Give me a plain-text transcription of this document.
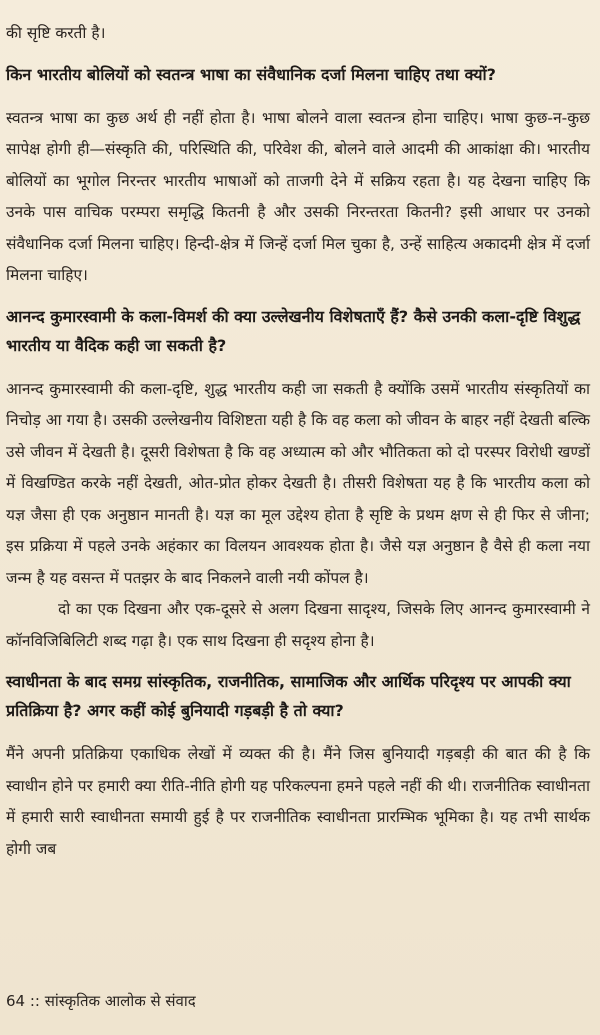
की सृष्टि करती है।

किन भारतीय बोलियों को स्वतन्त्र भाषा का संवैधानिक दर्जा मिलना चाहिए तथा क्यों?

स्वतन्त्र भाषा का कुछ अर्थ ही नहीं होता है। भाषा बोलने वाला स्वतन्त्र होना चाहिए। भाषा कुछ-न-कुछ सापेक्ष होगी ही—संस्कृति की, परिस्थिति की, परिवेश की, बोलने वाले आदमी की आकांक्षा की। भारतीय बोलियों का भूगोल निरन्तर भारतीय भाषाओं को ताजगी देने में सक्रिय रहता है। यह देखना चाहिए कि उनके पास वाचिक परम्परा समृद्धि कितनी है और उसकी निरन्तरता कितनी? इसी आधार पर उनको संवैधानिक दर्जा मिलना चाहिए। हिन्दी-क्षेत्र में जिन्हें दर्जा मिल चुका है, उन्हें साहित्य अकादमी क्षेत्र में दर्जा मिलना चाहिए।

आनन्द कुमारस्वामी के कला-विमर्श की क्या उल्लेखनीय विशेषताएँ हैं? कैसे उनकी कला-दृष्टि विशुद्ध भारतीय या वैदिक कही जा सकती है?

आनन्द कुमारस्वामी की कला-दृष्टि, शुद्ध भारतीय कही जा सकती है क्योंकि उसमें भारतीय संस्कृतियों का निचोड़ आ गया है। उसकी उल्लेखनीय विशिष्टता यही है कि वह कला को जीवन के बाहर नहीं देखती बल्कि उसे जीवन में देखती है। दूसरी विशेषता है कि वह अध्यात्म को और भौतिकता को दो परस्पर विरोधी खण्डों में विखण्डित करके नहीं देखती, ओत-प्रोत होकर देखती है। तीसरी विशेषता यह है कि भारतीय कला को यज्ञ जैसा ही एक अनुष्ठान मानती है। यज्ञ का मूल उद्देश्य होता है सृष्टि के प्रथम क्षण से ही फिर से जीना; इस प्रक्रिया में पहले उनके अहंकार का विलयन आवश्यक होता है। जैसे यज्ञ अनुष्ठान है वैसे ही कला नया जन्म है यह वसन्त में पतझर के बाद निकलने वाली नयी कोंपल है।

दो का एक दिखना और एक-दूसरे से अलग दिखना सादृश्य, जिसके लिए आनन्द कुमारस्वामी ने कॉनविजिबिलिटी शब्द गढ़ा है। एक साथ दिखना ही सदृश्य होना है।

स्वाधीनता के बाद समग्र सांस्कृतिक, राजनीतिक, सामाजिक और आर्थिक परिदृश्य पर आपकी क्या प्रतिक्रिया है? अगर कहीं कोई बुनियादी गड़बड़ी है तो क्या?

मैंने अपनी प्रतिक्रिया एकाधिक लेखों में व्यक्त की है। मैंने जिस बुनियादी गड़बड़ी की बात की है कि स्वाधीन होने पर हमारी क्या रीति-नीति होगी यह परिकल्पना हमने पहले नहीं की थी। राजनीतिक स्वाधीनता में हमारी सारी स्वाधीनता समायी हुई है पर राजनीतिक स्वाधीनता प्रारम्भिक भूमिका है। यह तभी सार्थक होगी जब

64 :: सांस्कृतिक आलोक से संवाद
